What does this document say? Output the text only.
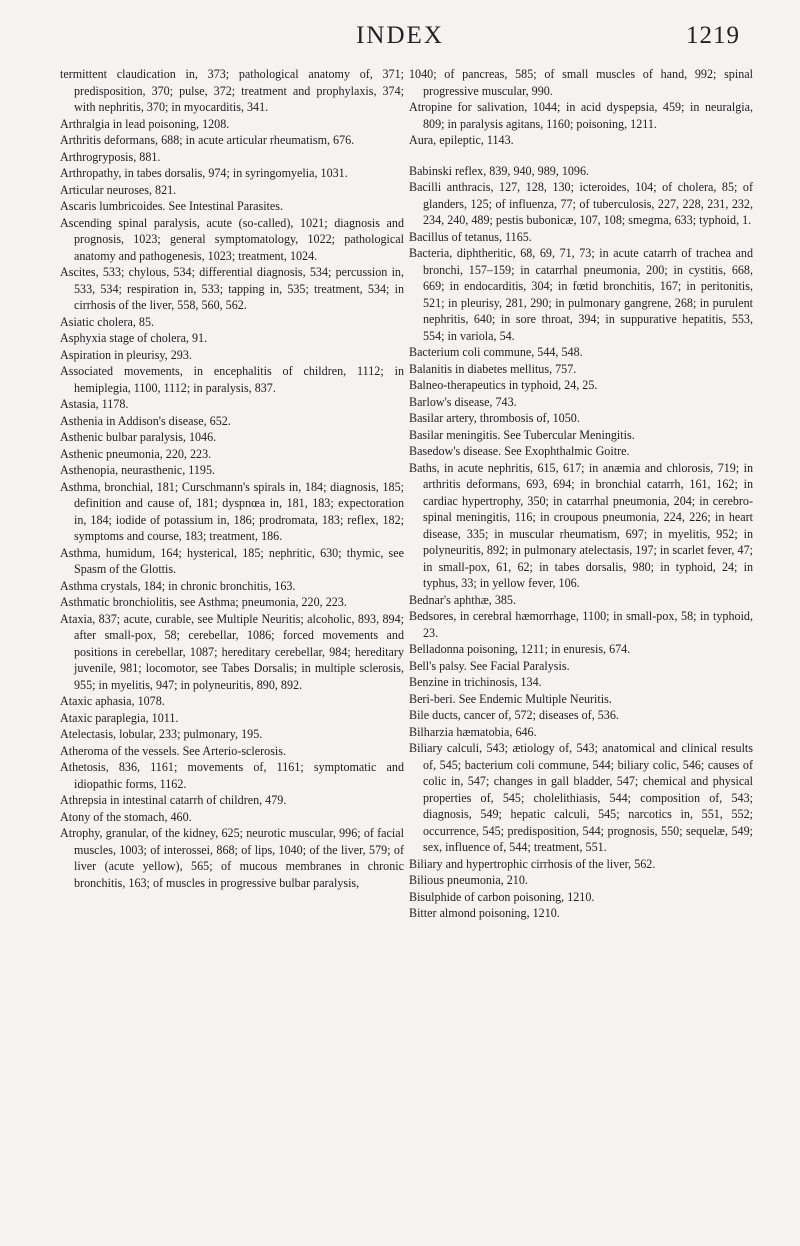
INDEX	1219

termittent claudication in, 373; pathological anatomy of, 371; predisposition, 370; pulse, 372; treatment and prophylaxis, 374; with nephritis, 370; in myocarditis, 341.

Arthralgia in lead poisoning, 1208.

Arthritis deformans, 688; in acute articular rheumatism, 676.

Arthrogryposis, 881.

Arthropathy, in tabes dorsalis, 974; in syringomyelia, 1031.

Articular neuroses, 821.

Ascaris lumbricoides. See Intestinal Parasites.

Ascending spinal paralysis, acute (so-called), 1021; diagnosis and prognosis, 1023; general symptomatology, 1022; pathological anatomy and pathogenesis, 1023; treatment, 1024.

Ascites, 533; chylous, 534; differential diagnosis, 534; percussion in, 533, 534; respiration in, 533; tapping in, 535; treatment, 534; in cirrhosis of the liver, 558, 560, 562.

Asiatic cholera, 85.

Asphyxia stage of cholera, 91.

Aspiration in pleurisy, 293.

Associated movements, in encephalitis of children, 1112; in hemiplegia, 1100, 1112; in paralysis, 837.

Astasia, 1178.

Asthenia in Addison's disease, 652.

Asthenic bulbar paralysis, 1046.

Asthenic pneumonia, 220, 223.

Asthenopia, neurasthenic, 1195.

Asthma, bronchial, 181; Curschmann's spirals in, 184; diagnosis, 185; definition and cause of, 181; dyspnœa in, 181, 183; expectoration in, 184; iodide of potassium in, 186; prodromata, 183; reflex, 182; symptoms and course, 183; treatment, 186.

Asthma, humidum, 164; hysterical, 185; nephritic, 630; thymic, see Spasm of the Glottis.

Asthma crystals, 184; in chronic bronchitis, 163.

Asthmatic bronchiolitis, see Asthma; pneumonia, 220, 223.

Ataxia, 837; acute, curable, see Multiple Neuritis; alcoholic, 893, 894; after small-pox, 58; cerebellar, 1086; forced movements and positions in cerebellar, 1087; hereditary cerebellar, 984; hereditary juvenile, 981; locomotor, see Tabes Dorsalis; in multiple sclerosis, 955; in myelitis, 947; in polyneuritis, 890, 892.

Ataxic aphasia, 1078.

Ataxic paraplegia, 1011.

Atelectasis, lobular, 233; pulmonary, 195.

Atheroma of the vessels. See Arterio-sclerosis.

Athetosis, 836, 1161; movements of, 1161; symptomatic and idiopathic forms, 1162.

Athrepsia in intestinal catarrh of children, 479.

Atony of the stomach, 460.

Atrophy, granular, of the kidney, 625; neurotic muscular, 996; of facial muscles, 1003; of interossei, 868; of lips, 1040; of the liver, 579; of liver (acute yellow), 565; of mucous membranes in chronic bronchitis, 163; of muscles in progressive bulbar paralysis,

1040; of pancreas, 585; of small muscles of hand, 992; spinal progressive muscular, 990.

Atropine for salivation, 1044; in acid dyspepsia, 459; in neuralgia, 809; in paralysis agitans, 1160; poisoning, 1211.

Aura, epileptic, 1143.

Babinski reflex, 839, 940, 989, 1096.

Bacilli anthracis, 127, 128, 130; icteroides, 104; of cholera, 85; of glanders, 125; of influenza, 77; of tuberculosis, 227, 228, 231, 232, 234, 240, 489; pestis bubonicæ, 107, 108; smegma, 633; typhoid, 1.

Bacillus of tetanus, 1165.

Bacteria, diphtheritic, 68, 69, 71, 73; in acute catarrh of trachea and bronchi, 157–159; in catarrhal pneumonia, 200; in cystitis, 668, 669; in endocarditis, 304; in fœtid bronchitis, 167; in peritonitis, 521; in pleurisy, 281, 290; in pulmonary gangrene, 268; in purulent nephritis, 640; in sore throat, 394; in suppurative hepatitis, 553, 554; in variola, 54.

Bacterium coli commune, 544, 548.

Balanitis in diabetes mellitus, 757.

Balneo-therapeutics in typhoid, 24, 25.

Barlow's disease, 743.

Basilar artery, thrombosis of, 1050.

Basilar meningitis. See Tubercular Meningitis.

Basedow's disease. See Exophthalmic Goitre.

Baths, in acute nephritis, 615, 617; in anæmia and chlorosis, 719; in arthritis deformans, 693, 694; in bronchial catarrh, 161, 162; in cardiac hypertrophy, 350; in catarrhal pneumonia, 204; in cerebro-spinal meningitis, 116; in croupous pneumonia, 224, 226; in heart disease, 335; in muscular rheumatism, 697; in myelitis, 952; in polyneuritis, 892; in pulmonary atelectasis, 197; in scarlet fever, 47; in small-pox, 61, 62; in tabes dorsalis, 980; in typhoid, 24; in typhus, 33; in yellow fever, 106.

Bednar's aphthæ, 385.

Bedsores, in cerebral hæmorrhage, 1100; in small-pox, 58; in typhoid, 23.

Belladonna poisoning, 1211; in enuresis, 674.

Bell's palsy. See Facial Paralysis.

Benzine in trichinosis, 134.

Beri-beri. See Endemic Multiple Neuritis.

Bile ducts, cancer of, 572; diseases of, 536.

Bilharzia hæmatobia, 646.

Biliary calculi, 543; ætiology of, 543; anatomical and clinical results of, 545; bacterium coli commune, 544; biliary colic, 546; causes of colic in, 547; changes in gall bladder, 547; chemical and physical properties of, 545; cholelithiasis, 544; composition of, 543; diagnosis, 549; hepatic calculi, 545; narcotics in, 551, 552; occurrence, 545; predisposition, 544; prognosis, 550; sequelæ, 549; sex, influence of, 544; treatment, 551.

Biliary and hypertrophic cirrhosis of the liver, 562.

Bilious pneumonia, 210.

Bisulphide of carbon poisoning, 1210.

Bitter almond poisoning, 1210.
